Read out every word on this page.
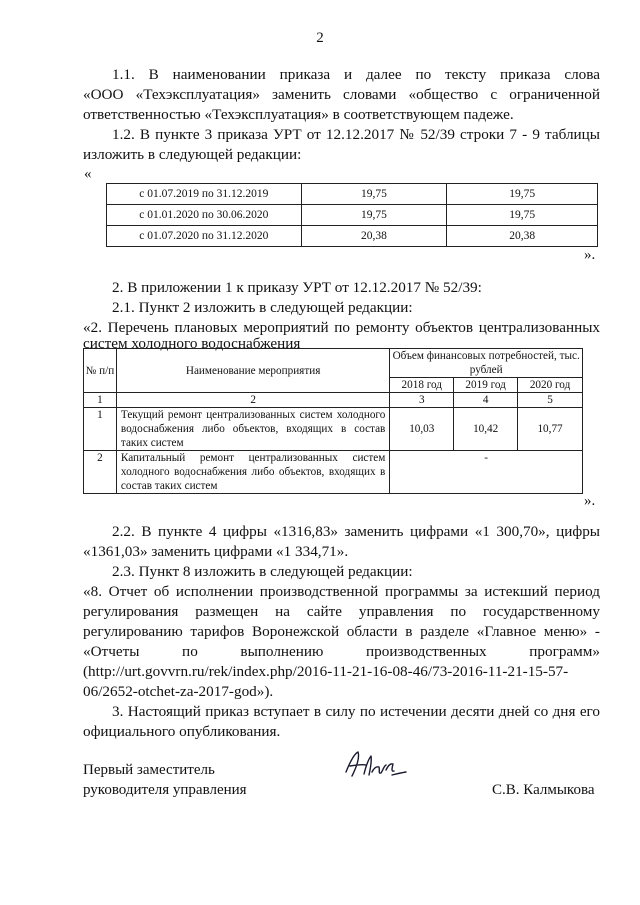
2
1.1. В наименовании приказа и далее по тексту приказа слова
«ООО «Техэксплуатация» заменить словами «общество с ограниченной
ответственностью «Техэксплуатация» в соответствующем падеже.
1.2. В пункте 3 приказа УРТ от 12.12.2017 № 52/39 строки 7 - 9 таблицы
изложить в следующей редакции:
«
с 01.07.2019 по 31.12.2019	19,75	19,75
с 01.01.2020 по 30.06.2020	19,75	19,75
с 01.07.2020 по 31.12.2020	20,38	20,38
».
2. В приложении 1 к приказу УРТ от 12.12.2017 № 52/39:
2.1. Пункт 2 изложить в следующей редакции:
«2. Перечень плановых мероприятий по ремонту объектов централизованных
систем холодного водоснабжения
№ п/п	Наименование мероприятия	Объем финансовых потребностей, тыс. рублей		
		2018 год	2019 год	2020 год
1	2	3	4	5
1	Текущий ремонт централизованных систем холодного водоснабжения либо объектов, входящих в состав таких систем	10,03	10,42	10,77
2	Капитальный ремонт централизованных систем холодного водоснабжения либо объектов, входящих в состав таких систем	-		
».
2.2. В пункте 4 цифры «1316,83» заменить цифрами «1 300,70», цифры
«1361,03» заменить цифрами «1 334,71».
2.3. Пункт 8 изложить в следующей редакции:
«8. Отчет об исполнении производственной программы за истекший период
регулирования размещен на сайте управления по государственному
регулированию тарифов Воронежской области в разделе «Главное меню» -
«Отчеты по выполнению производственных программ»
(http://urt.govvrn.ru/rek/index.php/2016-11-21-16-08-46/73-2016-11-21-15-57-
06/2652-otchet-za-2017-god»).
3. Настоящий приказ вступает в силу по истечении десяти дней со дня его
официального опубликования.
Первый заместитель
руководителя управления	С.В. Калмыкова
